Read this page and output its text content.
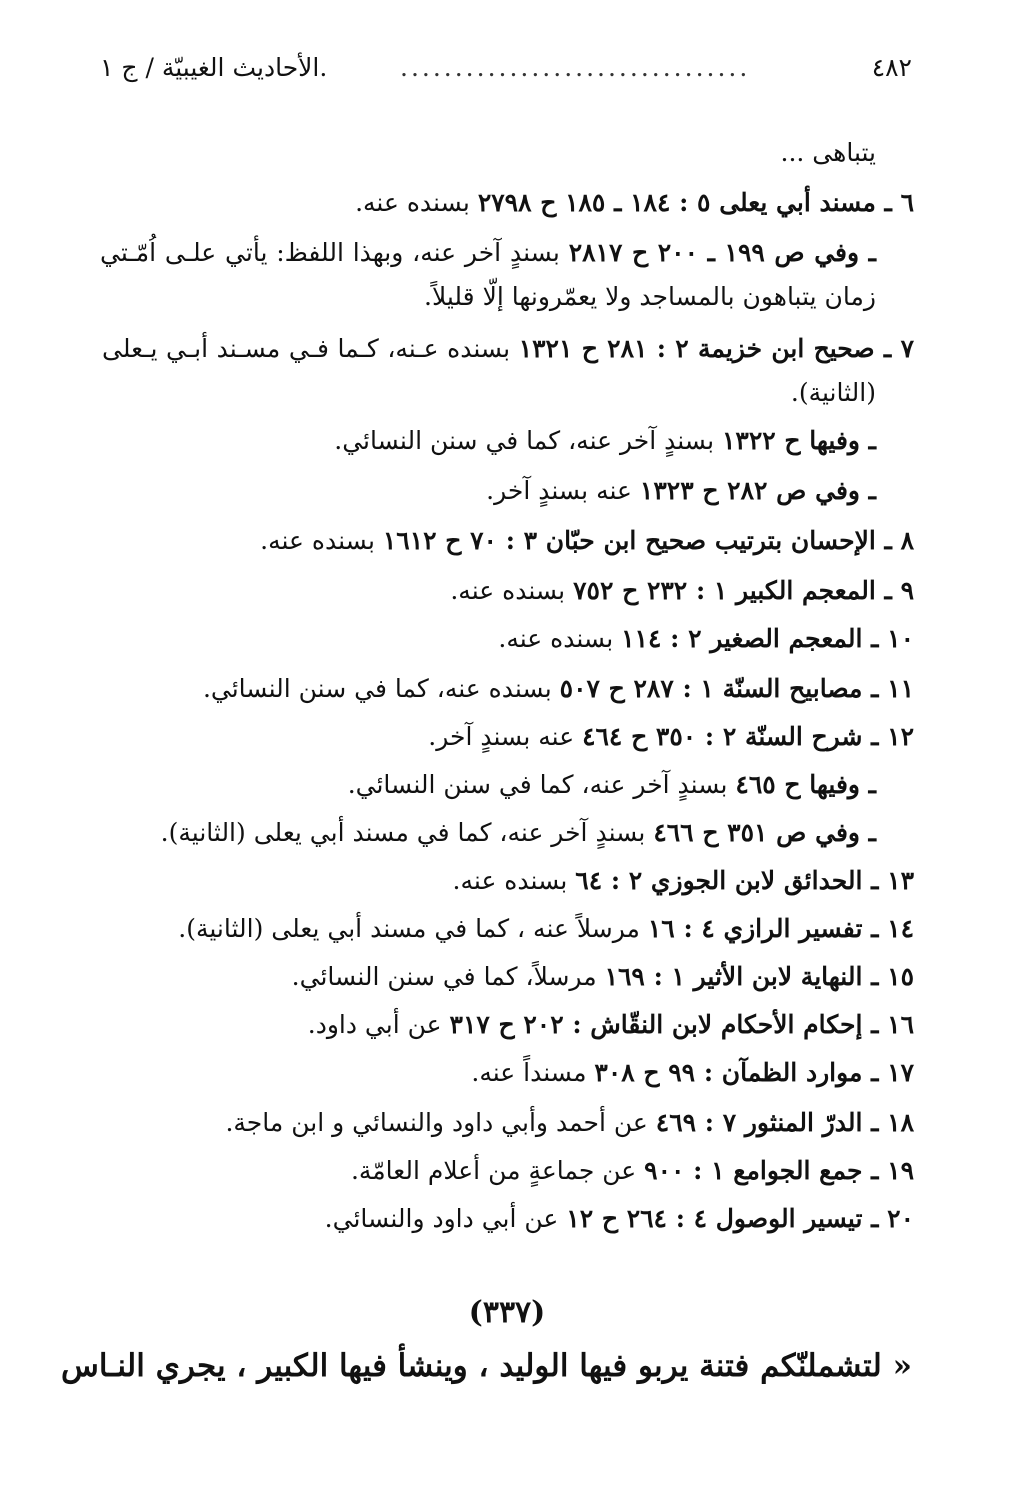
٤٨٢
................................
.الأحاديث الغيبيّة / ج ١
يتباهى ...
٦ ـ مسند أبي يعلى ٥ : ١٨٤ ـ ١٨٥ ح ٢٧٩٨ بسنده عنه.
ـ وفي ص ١٩٩ ـ ٢٠٠ ح ٢٨١٧ بسندٍ آخر عنه، وبهذا اللفظ: يأتي علـى اُمّـتي
زمان يتباهون بالمساجد ولا يعمّرونها إلّا قليلاً.
٧ ـ صحيح ابن خزيمة ٢ : ٢٨١ ح ١٣٢١ بسنده عـنه، كـما فـي مسـند أبـي يـعلى
(الثانية).
ـ وفيها ح ١٣٢٢ بسندٍ آخر عنه، كما في سنن النسائي.
ـ وفي ص ٢٨٢ ح ١٣٢٣ عنه بسندٍ آخر.
٨ ـ الإحسان بترتيب صحيح ابن حبّان ٣ : ٧٠ ح ١٦١٢ بسنده عنه.
٩ ـ المعجم الكبير ١ : ٢٣٢ ح ٧٥٢ بسنده عنه.
١٠ ـ المعجم الصغير ٢ : ١١٤ بسنده عنه.
١١ ـ مصابيح السنّة ١ : ٢٨٧ ح ٥٠٧ بسنده عنه، كما في سنن النسائي.
١٢ ـ شرح السنّة ٢ : ٣٥٠ ح ٤٦٤ عنه بسندٍ آخر.
ـ وفيها ح ٤٦٥ بسندٍ آخر عنه، كما في سنن النسائي.
ـ وفي ص ٣٥١ ح ٤٦٦ بسندٍ آخر عنه، كما في مسند أبي يعلى (الثانية).
١٣ ـ الحدائق لابن الجوزي ٢ : ٦٤ بسنده عنه.
١٤ ـ تفسير الرازي ٤ : ١٦ مرسلاً عنه ، كما في مسند أبي يعلى (الثانية).
١٥ ـ النهاية لابن الأثير ١ : ١٦٩ مرسلاً، كما في سنن النسائي.
١٦ ـ إحكام الأحكام لابن النقّاش : ٢٠٢ ح ٣١٧ عن أبي داود.
١٧ ـ موارد الظمآن : ٩٩ ح ٣٠٨ مسنداً عنه.
١٨ ـ الدرّ المنثور ٧ : ٤٦٩ عن أحمد وأبي داود والنسائي و ابن ماجة.
١٩ ـ جمع الجوامع ١ : ٩٠٠ عن جماعةٍ من أعلام العامّة.
٢٠ ـ تيسير الوصول ٤ : ٢٦٤ ح ١٢ عن أبي داود والنسائي.
(٣٣٧)
« لتشملنّكم فتنة يربو فيها الوليد ، وينشأ فيها الكبير ، يجري النـاس
